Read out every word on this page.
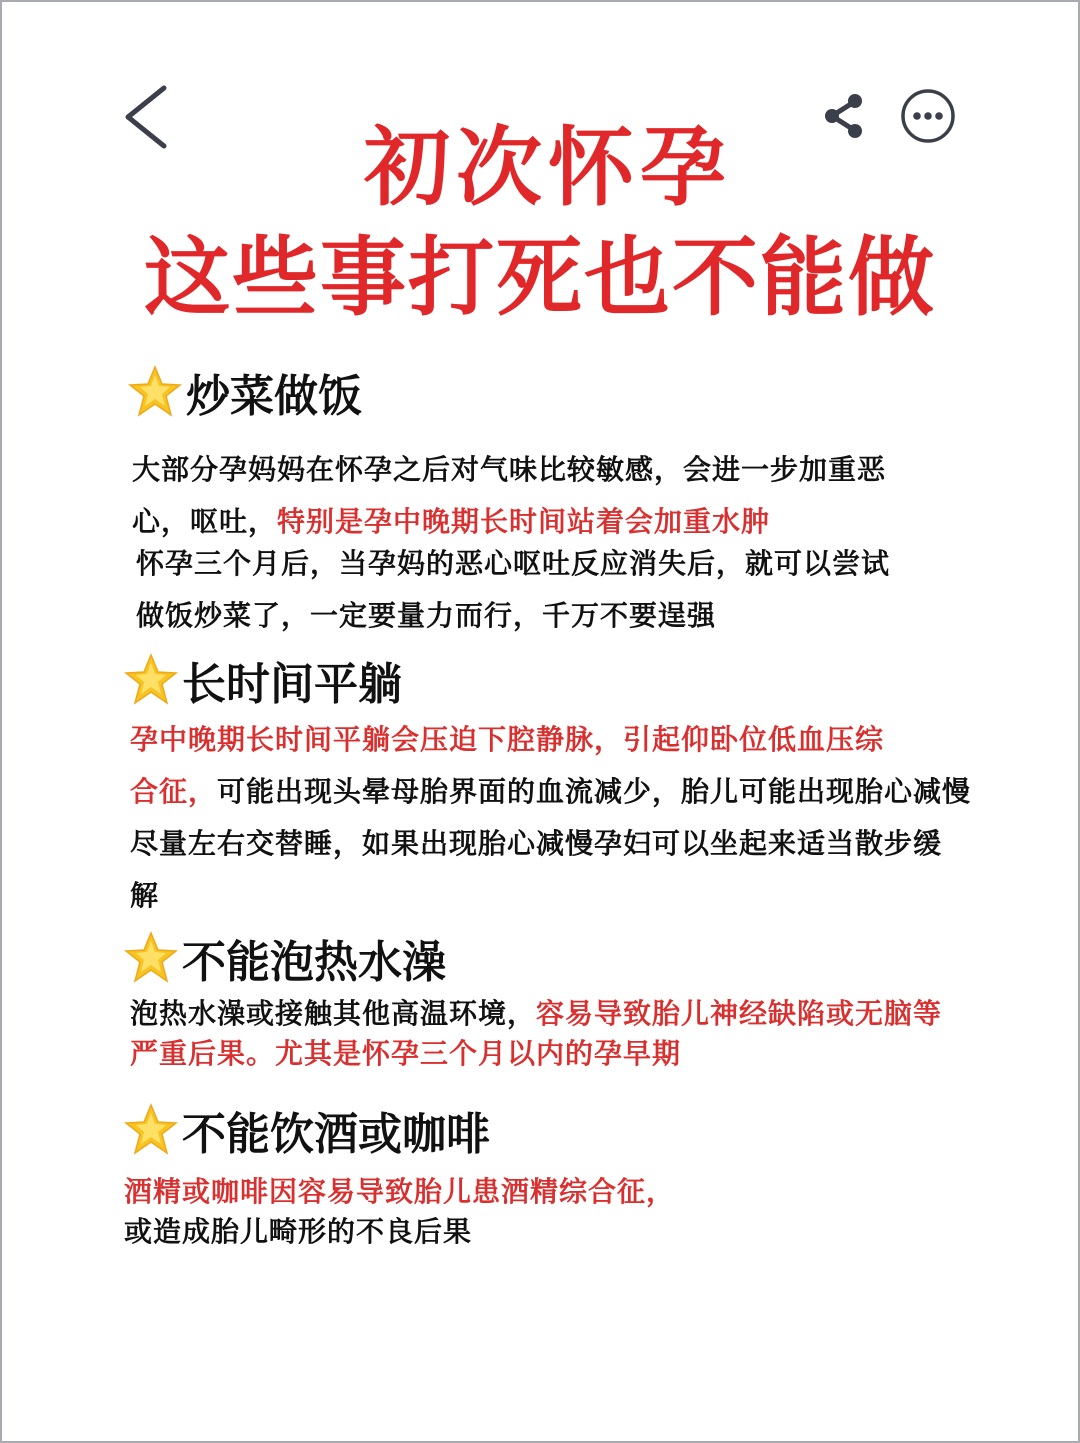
初次怀孕
这些事打死也不能做
炒菜做饭
大部分孕妈妈在怀孕之后对气味比较敏感，会进一步加重恶
心，呕吐，特别是孕中晚期长时间站着会加重水肿
怀孕三个月后，当孕妈的恶心呕吐反应消失后，就可以尝试
做饭炒菜了，一定要量力而行，千万不要逞强
长时间平躺
孕中晚期长时间平躺会压迫下腔静脉，引起仰卧位低血压综
合征，可能出现头晕母胎界面的血流减少，胎儿可能出现胎心减慢
尽量左右交替睡，如果出现胎心减慢孕妇可以坐起来适当散步缓
解
不能泡热水澡
泡热水澡或接触其他高温环境，容易导致胎儿神经缺陷或无脑等
严重后果。尤其是怀孕三个月以内的孕早期
不能饮酒或咖啡
酒精或咖啡因容易导致胎儿患酒精综合征，
或造成胎儿畸形的不良后果
